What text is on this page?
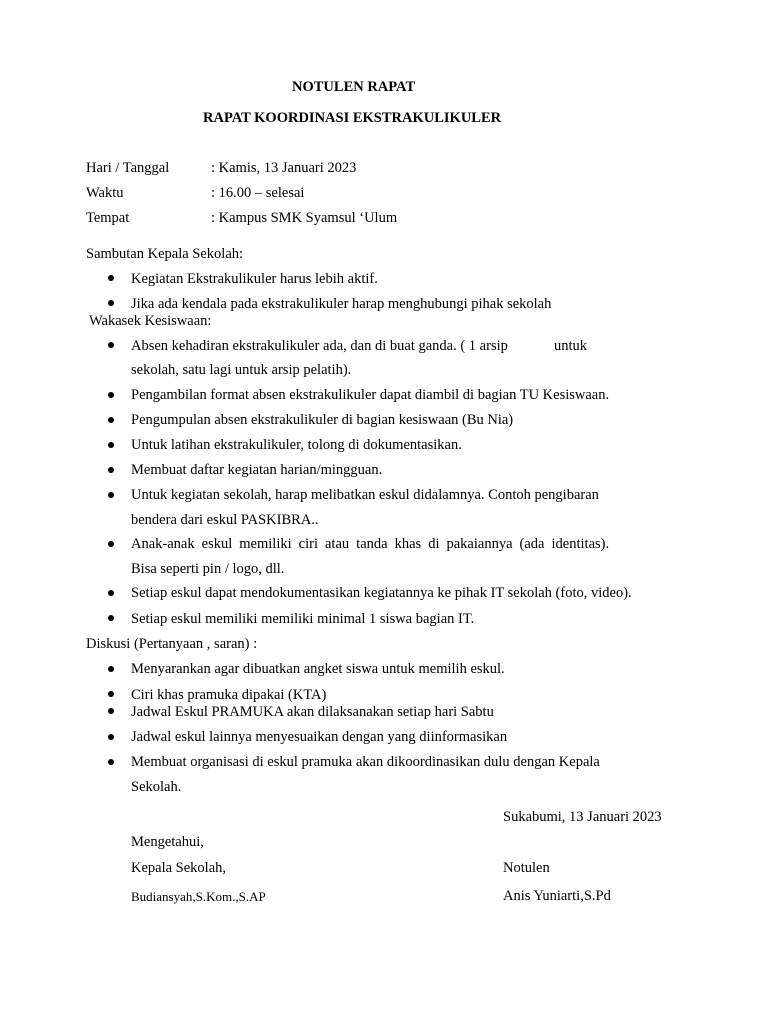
NOTULEN RAPAT
RAPAT KOORDINASI EKSTRAKULIKULER
Hari / Tanggal	: Kamis, 13 Januari 2023
Waktu	: 16.00 – selesai
Tempat	: Kampus SMK Syamsul ‘Ulum
Sambutan Kepala Sekolah:
Kegiatan Ekstrakulikuler harus lebih aktif.
Jika ada kendala pada ekstrakulikuler harap menghubungi pihak sekolah
Wakasek Kesiswaan:
Absen kehadiran ekstrakulikuler ada, dan di buat ganda. ( 1 arsip	untuk
sekolah, satu lagi untuk arsip pelatih).
Pengambilan format absen ekstrakulikuler dapat diambil di bagian TU Kesiswaan.
Pengumpulan absen ekstrakulikuler di bagian kesiswaan (Bu Nia)
Untuk latihan ekstrakulikuler, tolong di dokumentasikan.
Membuat daftar kegiatan harian/mingguan.
Untuk kegiatan sekolah, harap melibatkan eskul didalamnya. Contoh pengibaran
bendera dari eskul PASKIBRA..
Anak-anak eskul memiliki ciri atau tanda khas di pakaiannya (ada identitas).
Bisa seperti pin / logo, dll.
Setiap eskul dapat mendokumentasikan kegiatannya ke pihak IT sekolah (foto, video).
Setiap eskul memiliki memiliki minimal 1 siswa bagian IT.
Diskusi (Pertanyaan , saran) :
Menyarankan agar dibuatkan angket siswa untuk memilih eskul.
Ciri khas pramuka dipakai (KTA)
Jadwal Eskul PRAMUKA akan dilaksanakan setiap hari Sabtu
Jadwal eskul lainnya menyesuaikan dengan yang diinformasikan
Membuat organisasi di eskul pramuka akan dikoordinasikan dulu dengan Kepala
Sekolah.
Sukabumi, 13 Januari 2023
Mengetahui,
Kepala Sekolah,	Notulen
Budiansyah,S.Kom.,S.AP	Anis Yuniarti,S.Pd
